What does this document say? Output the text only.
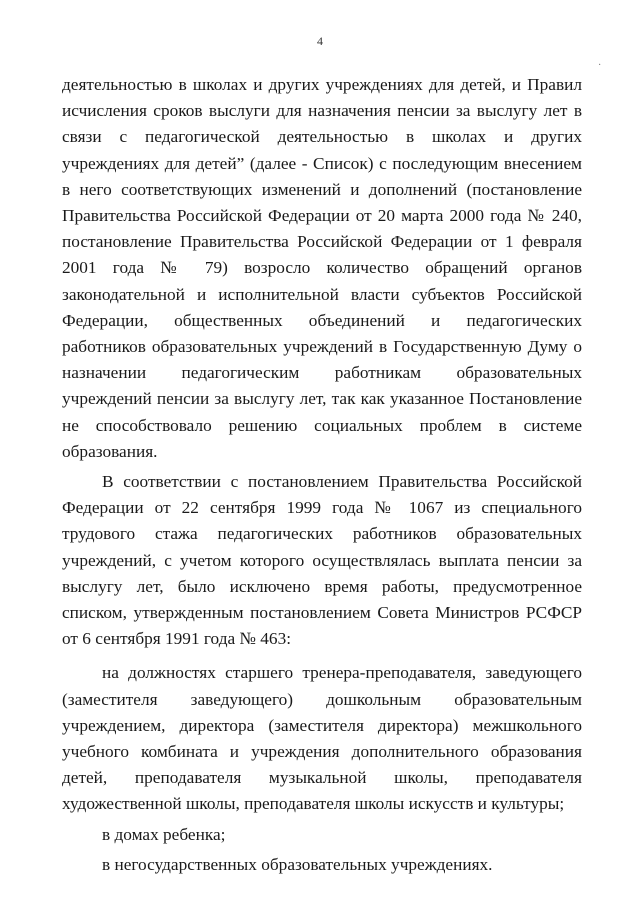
·
4

деятельностью в школах и других учреждениях для детей, и Правил исчисления сроков выслуги для назначения пенсии за выслугу лет в связи с педагогической деятельностью в школах и других учреждениях для детей” (далее - Список) с последующим внесением в него соответствующих изменений и дополнений (постановление Правительства Российской Федерации от 20 марта 2000 года № 240, постановление Правительства Российской Федерации от 1 февраля 2001 года № 79) возросло количество обращений органов законодательной и исполнительной власти субъектов Российской Федерации, общественных объединений и педагогических работников образовательных учреждений в Государственную Думу о назначении педагогическим работникам образовательных учреждений пенсии за выслугу лет, так как указанное Постановление не способствовало решению социальных проблем в системе образования.

В соответствии с постановлением Правительства Российской Федерации от 22 сентября 1999 года № 1067 из специального трудового стажа педагогических работников образовательных учреждений, с учетом которого осуществлялась выплата пенсии за выслугу лет, было исключено время работы, предусмотренное списком, утвержденным постановлением Совета Министров РСФСР от 6 сентября 1991 года № 463:

на должностях старшего тренера-преподавателя, заведующего (заместителя заведующего) дошкольным образовательным учреждением, директора (заместителя директора) межшкольного учебного комбината и учреждения дополнительного образования детей, преподавателя музыкальной школы, преподавателя художественной школы, преподавателя школы искусств и культуры;

в домах ребенка;

в негосударственных образовательных учреждениях.
